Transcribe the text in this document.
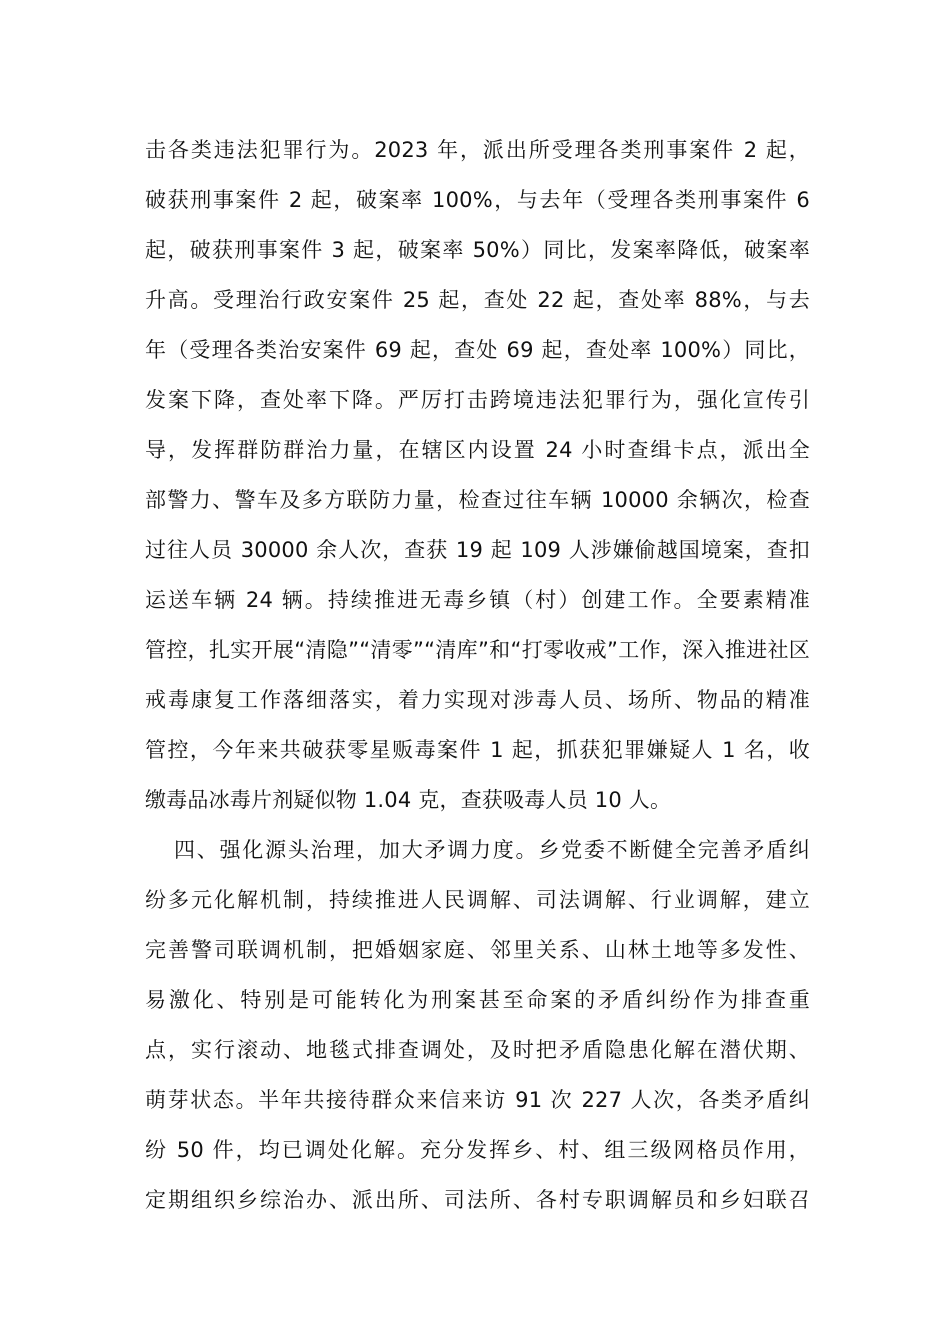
击各类违法犯罪行为。2023 年，派出所受理各类刑事案件 2 起，
破获刑事案件 2 起，破案率 100%，与去年（受理各类刑事案件 6
起，破获刑事案件 3 起，破案率 50%）同比，发案率降低，破案率
升高。受理治行政安案件 25 起，查处 22 起，查处率 88%，与去
年（受理各类治安案件 69 起，查处 69 起，查处率 100%）同比，
发案下降，查处率下降。严厉打击跨境违法犯罪行为，强化宣传引
导，发挥群防群治力量，在辖区内设置 24 小时查缉卡点，派出全
部警力、警车及多方联防力量，检查过往车辆 10000 余辆次，检查
过往人员 30000 余人次，查获 19 起 109 人涉嫌偷越国境案，查扣
运送车辆 24 辆。持续推进无毒乡镇（村）创建工作。全要素精准
管控，扎实开展“清隐”“清零”“清库”和“打零收戒”工作，深入推进社区
戒毒康复工作落细落实，着力实现对涉毒人员、场所、物品的精准
管控，今年来共破获零星贩毒案件 1 起，抓获犯罪嫌疑人 1 名，收
缴毒品冰毒片剂疑似物 1.04 克，查获吸毒人员 10 人。
四、强化源头治理，加大矛调力度。乡党委不断健全完善矛盾纠
纷多元化解机制，持续推进人民调解、司法调解、行业调解，建立
完善警司联调机制，把婚姻家庭、邻里关系、山林土地等多发性、
易激化、特别是可能转化为刑案甚至命案的矛盾纠纷作为排查重
点，实行滚动、地毯式排查调处，及时把矛盾隐患化解在潜伏期、
萌芽状态。半年共接待群众来信来访 91 次 227 人次，各类矛盾纠
纷 50 件，均已调处化解。充分发挥乡、村、组三级网格员作用，
定期组织乡综治办、派出所、司法所、各村专职调解员和乡妇联召
